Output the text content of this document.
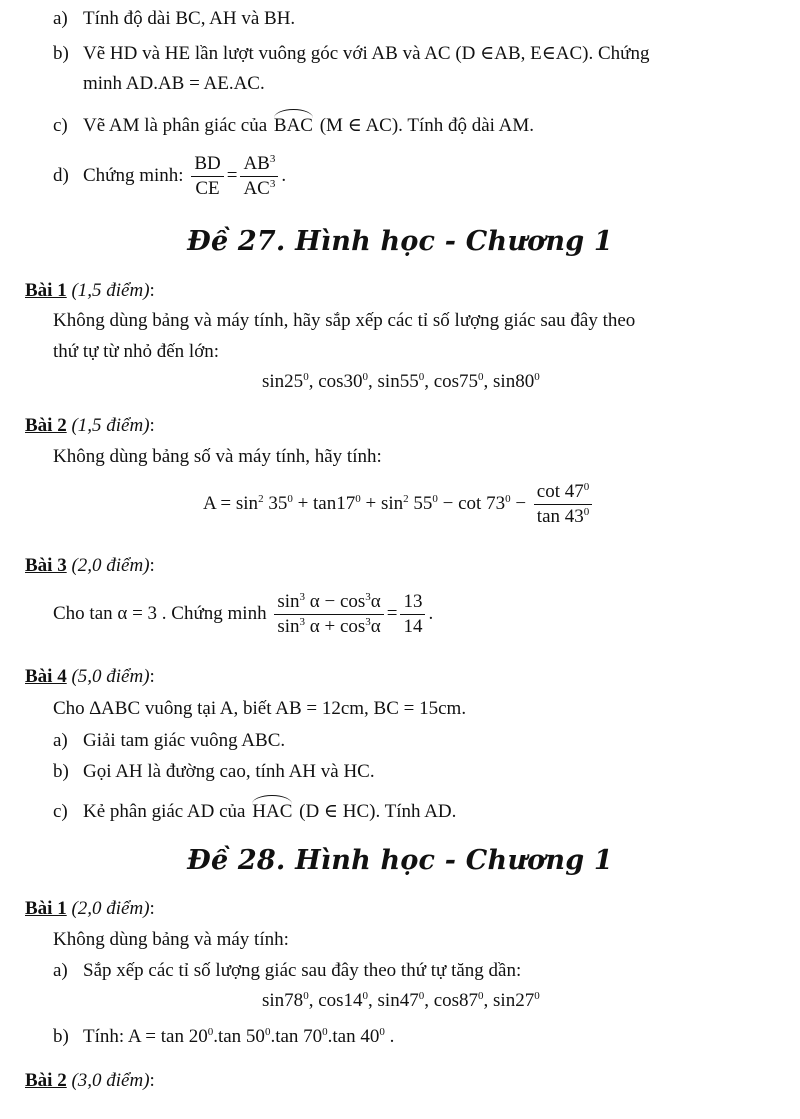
a) Tính độ dài BC, AH và BH.
b) Vẽ HD và HE lần lượt vuông góc với AB và AC (D ∈AB, E∈AC). Chứng
minh AD.AB = AE.AC.
c) Vẽ AM là phân giác của BAC (M ∈ AC). Tính độ dài AM.
d) Chứng minh: $\frac{BD}{CE} = \frac{AB^3}{AC^3}$ .
Đề 27. Hình học - Chương 1
Bài 1 (1,5 điểm):
Không dùng bảng và máy tính, hãy sắp xếp các tỉ số lượng giác sau đây theo
thứ tự từ nhỏ đến lớn:
$\sin 25^0$, $\cos 30^0$, $\sin 55^0$, $\cos 75^0$, $\sin 80^0$
Bài 2 (1,5 điểm):
Không dùng bảng số và máy tính, hãy tính:
$A = \sin^2 35^0 + \tan 17^0 + \sin^2 55^0 - \cot 73^0 - \frac{\cot 47^0}{\tan 43^0}$
Bài 3 (2,0 điểm):
Cho tan α = 3 . Chứng minh $\frac{\sin^3 \alpha - \cos^3\alpha}{\sin^3 \alpha + \cos^3\alpha} = \frac{13}{14}$ .
Bài 4 (5,0 điểm):
Cho ∆ABC vuông tại A, biết AB = 12cm, BC = 15cm.
a) Giải tam giác vuông ABC.
b) Gọi AH là đường cao, tính AH và HC.
c) Kẻ phân giác AD của HAC (D ∈ HC). Tính AD.
Đề 28. Hình học - Chương 1
Bài 1 (2,0 điểm):
Không dùng bảng và máy tính:
a) Sắp xếp các tỉ số lượng giác sau đây theo thứ tự tăng dần:
$\sin 78^0$, $\cos 14^0$, $\sin 47^0$, $\cos 87^0$, $\sin 27^0$
b) Tính: $A = \tan 20^0.\tan$ $50^0.\tan$ $70^0.\tan$ $40^0$ .
Bài 2 (3,0 điểm):
